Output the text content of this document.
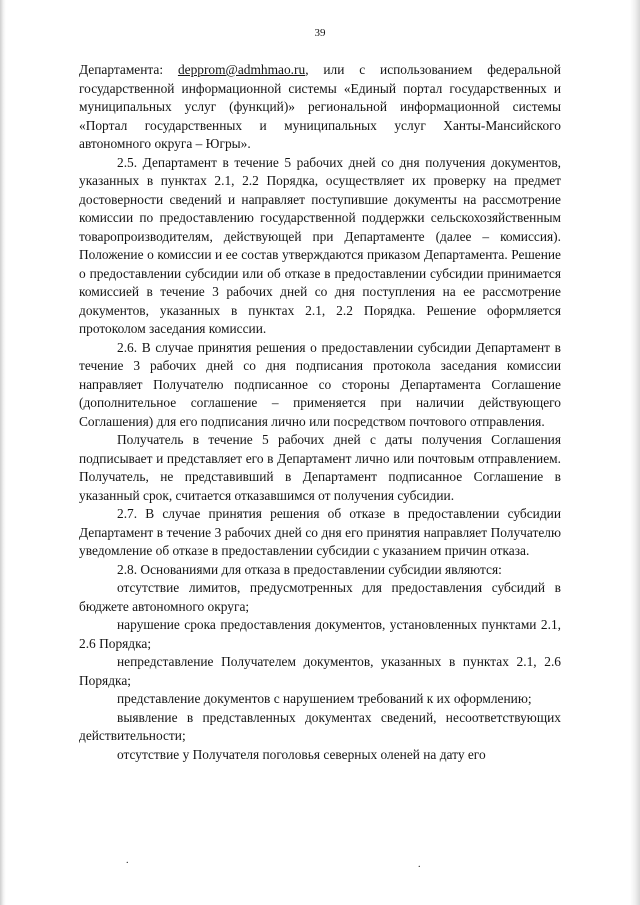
39

Департамента: depprom@admhmao.ru, или с использованием федеральной государственной информационной системы «Единый портал государственных и муниципальных услуг (функций)» региональной информационной системы «Портал государственных и муниципальных услуг Ханты-Мансийского автономного округа – Югры».

2.5. Департамент в течение 5 рабочих дней со дня получения документов, указанных в пунктах 2.1, 2.2 Порядка, осуществляет их проверку на предмет достоверности сведений и направляет поступившие документы на рассмотрение комиссии по предоставлению государственной поддержки сельскохозяйственным товаропроизводителям, действующей при Департаменте (далее – комиссия). Положение о комиссии и ее состав утверждаются приказом Департамента. Решение о предоставлении субсидии или об отказе в предоставлении субсидии принимается комиссией в течение 3 рабочих дней со дня поступления на ее рассмотрение документов, указанных в пунктах 2.1, 2.2 Порядка. Решение оформляется протоколом заседания комиссии.

2.6. В случае принятия решения о предоставлении субсидии Департамент в течение 3 рабочих дней со дня подписания протокола заседания комиссии направляет Получателю подписанное со стороны Департамента Соглашение (дополнительное соглашение – применяется при наличии действующего Соглашения) для его подписания лично или посредством почтового отправления.

Получатель в течение 5 рабочих дней с даты получения Соглашения подписывает и представляет его в Департамент лично или почтовым отправлением. Получатель, не представивший в Департамент подписанное Соглашение в указанный срок, считается отказавшимся от получения субсидии.

2.7. В случае принятия решения об отказе в предоставлении субсидии Департамент в течение 3 рабочих дней со дня его принятия направляет Получателю уведомление об отказе в предоставлении субсидии с указанием причин отказа.

2.8. Основаниями для отказа в предоставлении субсидии являются:

отсутствие лимитов, предусмотренных для предоставления субсидий в бюджете автономного округа;

нарушение срока предоставления документов, установленных пунктами 2.1, 2.6 Порядка;

непредставление Получателем документов, указанных в пунктах 2.1, 2.6 Порядка;

представление документов с нарушением требований к их оформлению;

выявление в представленных документах сведений, несоответствующих действительности;

отсутствие у Получателя поголовья северных оленей на дату его

.	.
